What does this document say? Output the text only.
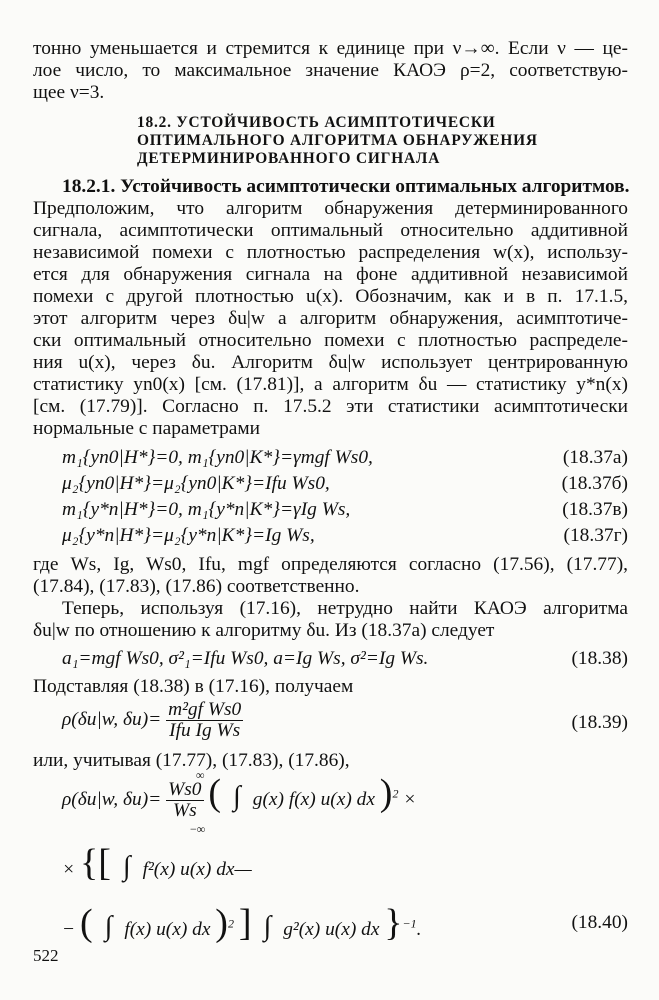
тонно уменьшается и стремится к единице при ν→∞. Если ν — це-
лое число, то максимальное значение КАОЭ ρ=2, соответствую-
щее ν=3.
18.2. УСТОЙЧИВОСТЬ АСИМПТОТИЧЕСКИ
ОПТИМАЛЬНОГО АЛГОРИТМА ОБНАРУЖЕНИЯ
ДЕТЕРМИНИРОВАННОГО СИГНАЛА
18.2.1. Устойчивость асимптотически оптимальных алгоритмов.
Предположим, что алгоритм обнаружения детерминированного
сигнала, асимптотически оптимальный относительно аддитивной
независимой помехи с плотностью распределения w(x), использу-
ется для обнаружения сигнала на фоне аддитивной независимой
помехи с другой плотностью u(x). Обозначим, как и в п. 17.1.5,
этот алгоритм через δu|w а алгоритм обнаружения, асимптотиче-
ски оптимальный относительно помехи с плотностью распределе-
ния u(x), через δu. Алгоритм δu|w использует центрированную
статистику yn0(x) [см. (17.81)], а алгоритм δu — статистику y*n(x)
[см. (17.79)]. Согласно п. 17.5.2 эти статистики асимптотически
нормальные с параметрами
m₁{yn0|H*}=0, m₁{yn0|K*}=γmgf Ws0,	(18.37а)
μ₂{yn0|H*}=μ₂{yn0|K*}=Ifu Ws0,	(18.37б)
m₁{y*n|H*}=0, m₁{y*n|K*}=γIg Ws,	(18.37в)
μ₂{y*n|H*}=μ₂{y*n|K*}=Ig Ws,	(18.37г)
где Ws, Ig, Ws0, Ifu, mgf определяются согласно (17.56), (17.77),
(17.84), (17.83), (17.86) соответственно.
Теперь, используя (17.16), нетрудно найти КАОЭ алгоритма
δu|w по отношению к алгоритму δu. Из (18.37а) следует
a₁=mgf Ws0, σ²₁=Ifu Ws0, a=Ig Ws, σ²=Ig Ws.	(18.38)
Подставляя (18.38) в (17.16), получаем
ρ(δu|w, $\delta u)= \frac{\text{m²gf Ws0}}{\text{Ifu Ig Ws}}$	(18.39)
или, учитывая (17.77), (17.83), (17.86),
ρ(δu|w, $\delta u)= \frac{Ws0}{Ws}$ ( ∫ g(x) f(x) u(x) dx )$^2$ ×
∞
−∞
× {[ ∫ f²(x) u(x) dx—
− ( ∫ f(x) u(x) dx )$^2$ ] ∫ g²(x) u(x) dx }$^{-1}$.	(18.40)
522
